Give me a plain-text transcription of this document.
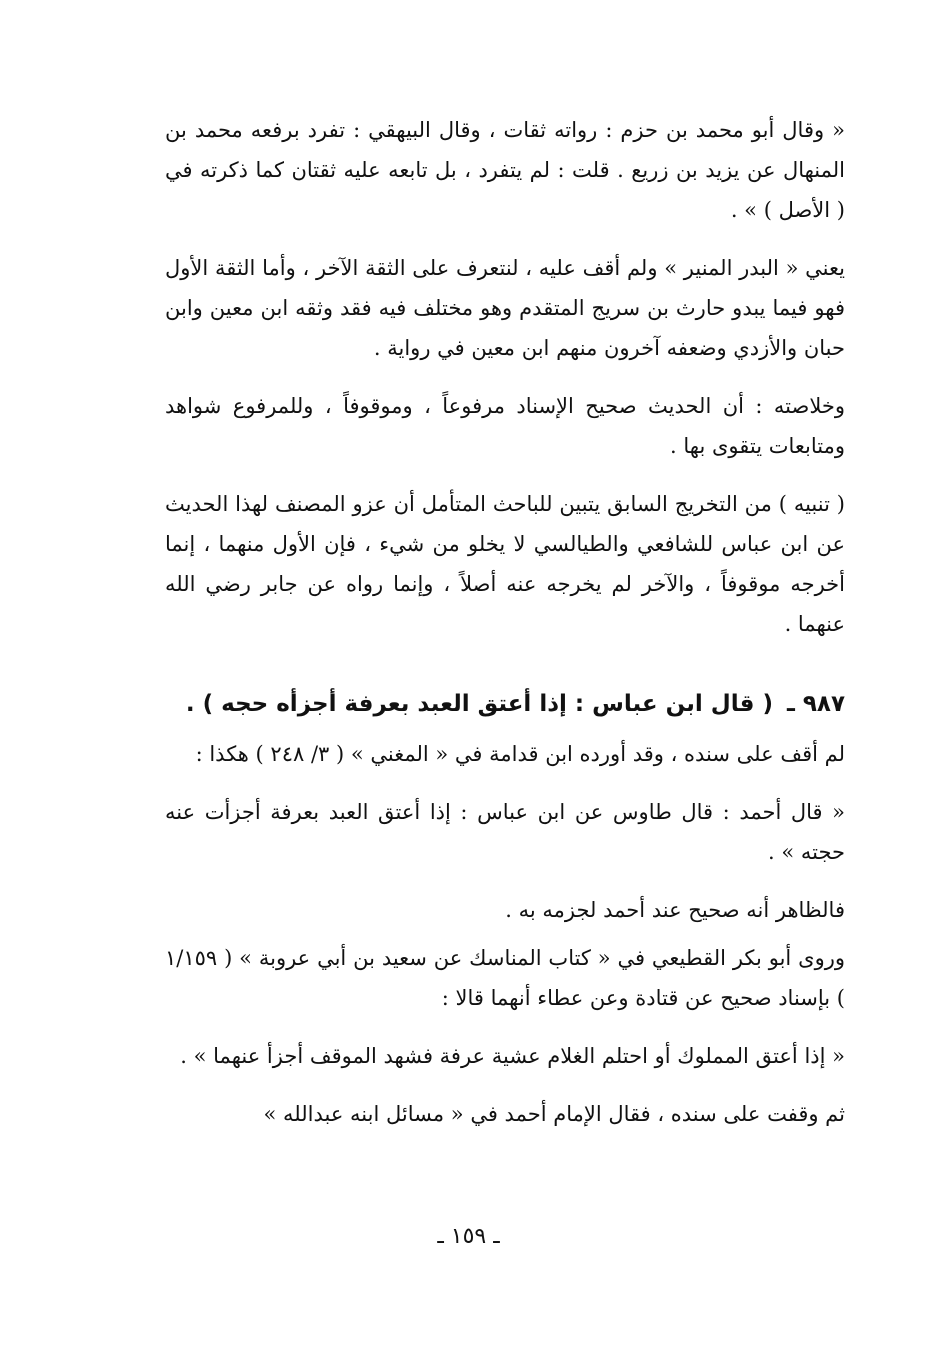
« وقال أبو محمد بن حزم : رواته ثقات ، وقال البيهقي : تفرد برفعه محمد بن المنهال عن يزيد بن زريع . قلت : لم يتفرد ، بل تابعه عليه ثقتان كما ذكرته في ( الأصل ) » .

يعني « البدر المنير » ولم أقف عليه ، لنتعرف على الثقة الآخر ، وأما الثقة الأول فهو فيما يبدو حارث بن سريج المتقدم وهو مختلف فيه فقد وثقه ابن معين وابن حبان والأزدي وضعفه آخرون منهم ابن معين في رواية .

وخلاصته : أن الحديث صحيح الإسناد مرفوعاً ، وموقوفاً ، وللمرفوع شواهد ومتابعات يتقوى بها .

( تنبيه ) من التخريج السابق يتبين للباحث المتأمل أن عزو المصنف لهذا الحديث عن ابن عباس للشافعي والطيالسي لا يخلو من شيء ، فإن الأول منهما ، إنما أخرجه موقوفاً ، والآخر لم يخرجه عنه أصلاً ، وإنما رواه عن جابر رضي الله عنهما .

٩٨٧ ـ ( قال ابن عباس : إذا أعتق العبد بعرفة أجزأه حجه ) .

لم أقف على سنده ، وقد أورده ابن قدامة في « المغني » ( ٣/ ٢٤٨ ) هكذا :

« قال أحمد : قال طاوس عن ابن عباس : إذا أعتق العبد بعرفة أجزأت عنه حجته » .

فالظاهر أنه صحيح عند أحمد لجزمه به .

وروى أبو بكر القطيعي في « كتاب المناسك عن سعيد بن أبي عروبة » ( ١/١٥٩ ) بإسناد صحيح عن قتادة وعن عطاء أنهما قالا :

« إذا أعتق المملوك أو احتلم الغلام عشية عرفة فشهد الموقف أجزأ عنهما » .

ثم وقفت على سنده ، فقال الإمام أحمد في « مسائل ابنه عبدالله »

ـ ١٥٩ ـ
